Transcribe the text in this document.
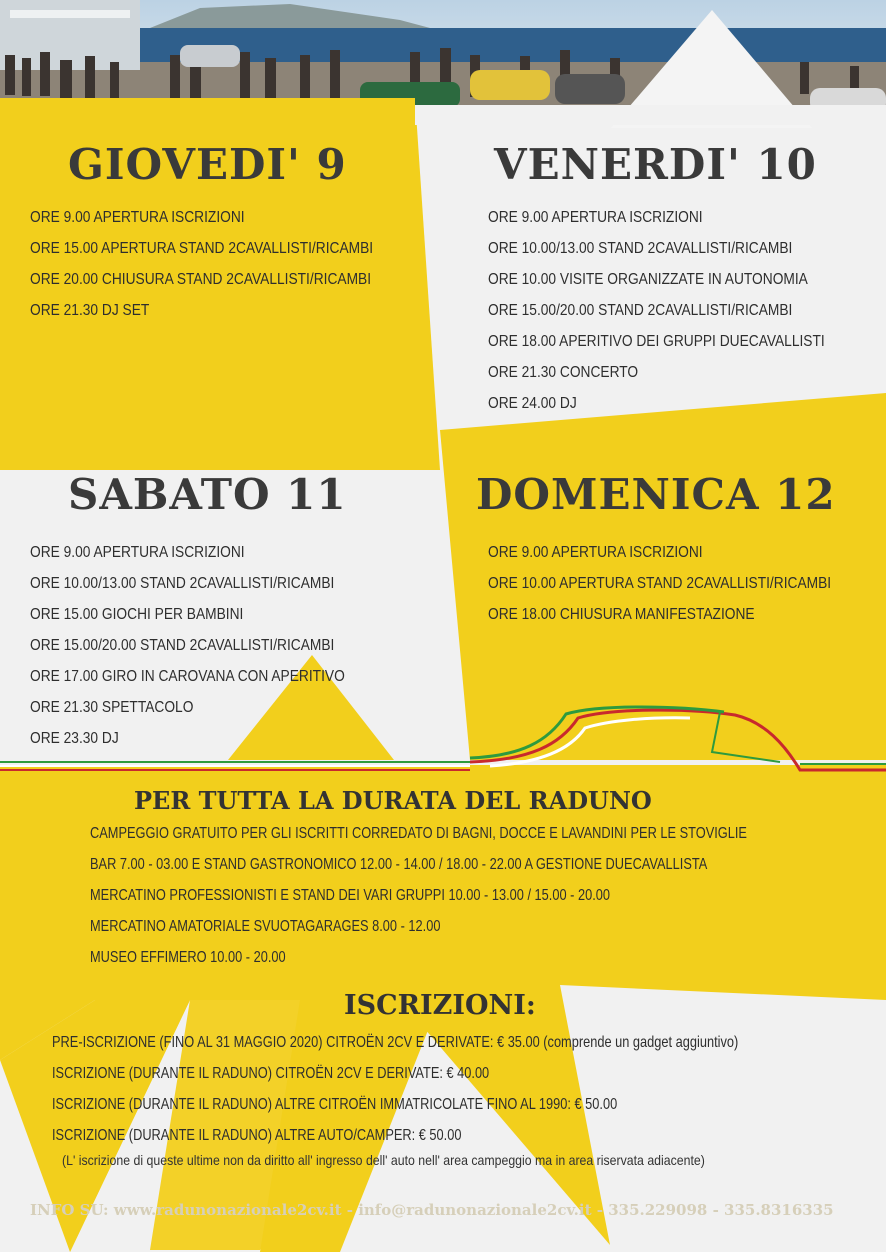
GIOVEDI' 9	VENERDI' 10
SABATO 11	DOMENICA 12
ORE 9.00 APERTURA ISCRIZIONI
ORE 15.00 APERTURA STAND 2CAVALLISTI/RICAMBI
ORE 20.00 CHIUSURA STAND 2CAVALLISTI/RICAMBI
ORE 21.30 DJ SET
ORE 9.00 APERTURA ISCRIZIONI
ORE 10.00/13.00 STAND 2CAVALLISTI/RICAMBI
ORE 10.00 VISITE ORGANIZZATE IN AUTONOMIA
ORE 15.00/20.00 STAND 2CAVALLISTI/RICAMBI
ORE 18.00 APERITIVO DEI GRUPPI DUECAVALLISTI
ORE 21.30 CONCERTO
ORE 24.00 DJ
ORE 9.00 APERTURA ISCRIZIONI
ORE 10.00/13.00 STAND 2CAVALLISTI/RICAMBI
ORE 15.00 GIOCHI PER BAMBINI
ORE 15.00/20.00 STAND 2CAVALLISTI/RICAMBI
ORE 17.00 GIRO IN CAROVANA CON APERITIVO
ORE 21.30 SPETTACOLO
ORE 23.30 DJ
ORE 9.00 APERTURA ISCRIZIONI
ORE 10.00 APERTURA STAND 2CAVALLISTI/RICAMBI
ORE 18.00 CHIUSURA MANIFESTAZIONE
PER TUTTA LA DURATA DEL RADUNO
CAMPEGGIO GRATUITO PER GLI ISCRITTI CORREDATO DI BAGNI, DOCCE E LAVANDINI PER LE STOVIGLIE
BAR 7.00 - 03.00 E STAND GASTRONOMICO 12.00 - 14.00 / 18.00 - 22.00 A GESTIONE DUECAVALLISTA
MERCATINO PROFESSIONISTI E STAND DEI VARI GRUPPI 10.00 - 13.00 / 15.00 - 20.00
MERCATINO AMATORIALE SVUOTAGARAGES 8.00 - 12.00
MUSEO EFFIMERO 10.00 - 20.00
ISCRIZIONI:
PRE-ISCRIZIONE (FINO AL 31 MAGGIO 2020) CITROËN 2CV E DERIVATE: € 35.00 (comprende un gadget aggiuntivo)
ISCRIZIONE (DURANTE IL RADUNO) CITROËN 2CV E DERIVATE: € 40.00
ISCRIZIONE (DURANTE IL RADUNO) ALTRE CITROËN IMMATRICOLATE FINO AL 1990: € 50.00
ISCRIZIONE (DURANTE IL RADUNO) ALTRE AUTO/CAMPER: € 50.00
(L' iscrizione di queste ultime non da diritto all' ingresso dell' auto nell' area campeggio ma in area riservata adiacente)
INFO SU: www.radunonazionale2cv.it - info@radunonazionale2cv.it - 335.229098 - 335.8316335
